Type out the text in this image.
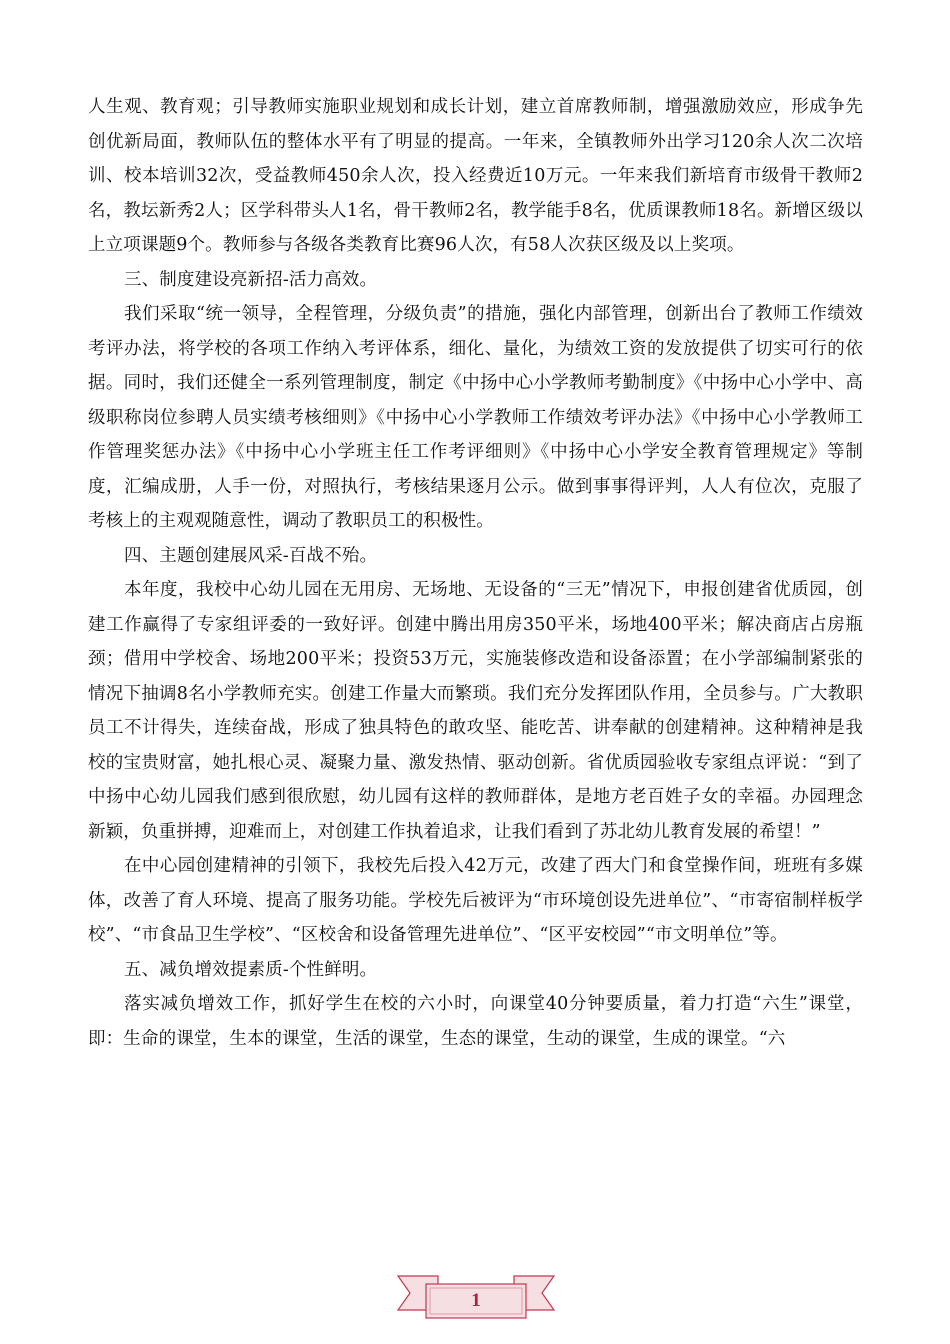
人生观、教育观；引导教师实施职业规划和成长计划，建立首席教师制，增强激励效应，形成争先创优新局面，教师队伍的整体水平有了明显的提高。一年来，全镇教师外出学习120余人次二次培训、校本培训32次，受益教师450余人次，投入经费近10万元。一年来我们新培育市级骨干教师2名，教坛新秀2人；区学科带头人1名，骨干教师2名，教学能手8名，优质课教师18名。新增区级以上立项课题9个。教师参与各级各类教育比赛96人次，有58人次获区级及以上奖项。

三、制度建设亮新招-活力高效。

我们采取“统一领导，全程管理，分级负责”的措施，强化内部管理，创新出台了教师工作绩效考评办法，将学校的各项工作纳入考评体系，细化、量化，为绩效工资的发放提供了切实可行的依据。同时，我们还健全一系列管理制度，制定《中扬中心小学教师考勤制度》《中扬中心小学中、高级职称岗位参聘人员实绩考核细则》《中扬中心小学教师工作绩效考评办法》《中扬中心小学教师工作管理奖惩办法》《中扬中心小学班主任工作考评细则》《中扬中心小学安全教育管理规定》等制度，汇编成册，人手一份，对照执行，考核结果逐月公示。做到事事得评判，人人有位次，克服了考核上的主观观随意性，调动了教职员工的积极性。

四、主题创建展风采-百战不殆。

本年度，我校中心幼儿园在无用房、无场地、无设备的“三无”情况下，申报创建省优质园，创建工作赢得了专家组评委的一致好评。创建中腾出用房350平米，场地400平米；解决商店占房瓶颈；借用中学校舍、场地200平米；投资53万元，实施装修改造和设备添置；在小学部编制紧张的情况下抽调8名小学教师充实。创建工作量大而繁琐。我们充分发挥团队作用，全员参与。广大教职员工不计得失，连续奋战，形成了独具特色的敢攻坚、能吃苦、讲奉献的创建精神。这种精神是我校的宝贵财富，她扎根心灵、凝聚力量、激发热情、驱动创新。省优质园验收专家组点评说：“到了中扬中心幼儿园我们感到很欣慰，幼儿园有这样的教师群体，是地方老百姓子女的幸福。办园理念新颖，负重拼搏，迎难而上，对创建工作执着追求，让我们看到了苏北幼儿教育发展的希望！”

在中心园创建精神的引领下，我校先后投入42万元，改建了西大门和食堂操作间，班班有多媒体，改善了育人环境、提高了服务功能。学校先后被评为“市环境创设先进单位”、“市寄宿制样板学校”、“市食品卫生学校”、“区校舍和设备管理先进单位”、“区平安校园”“市文明单位”等。

五、减负增效提素质-个性鲜明。

落实减负增效工作，抓好学生在校的六小时，向课堂40分钟要质量，着力打造“六生”课堂，即：生命的课堂，生本的课堂，生活的课堂，生态的课堂，生动的课堂，生成的课堂。“六

1
